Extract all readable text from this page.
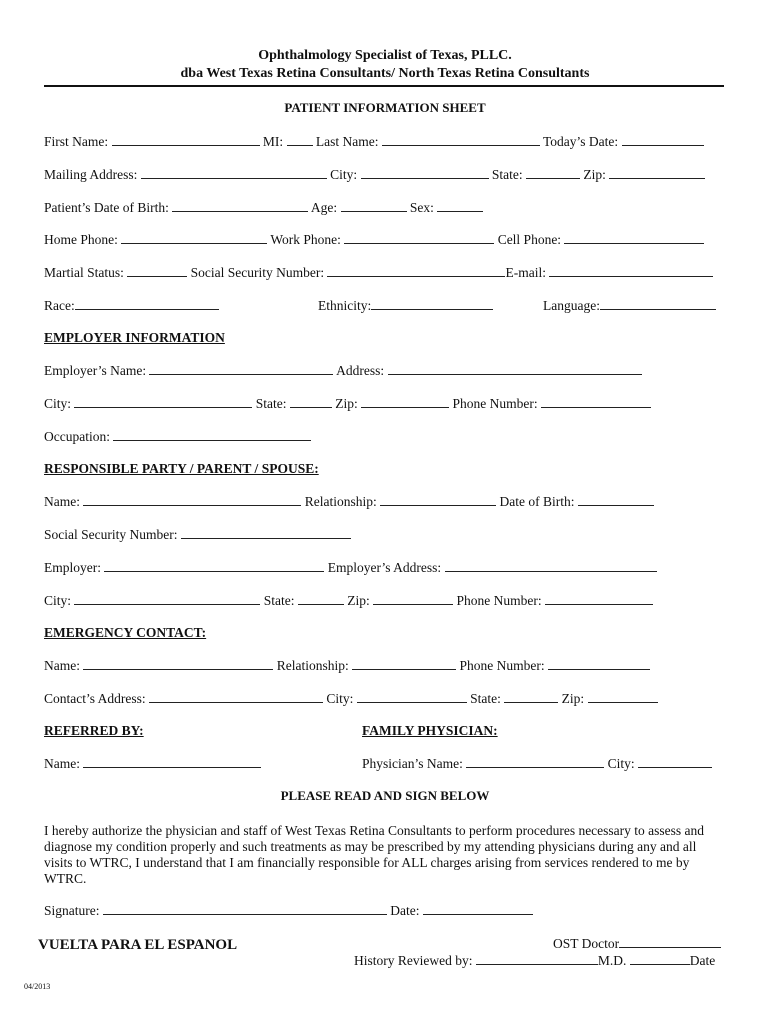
Ophthalmology Specialist of Texas, PLLC.
dba West Texas Retina Consultants/ North Texas Retina Consultants
PATIENT INFORMATION SHEET
First Name:	MI: Last Name:	Today’s Date:
Mailing Address:	City:	State:	Zip:
Patient’s Date of Birth:	Age:	Sex:
Home Phone:	Work Phone:	Cell Phone:
Martial Status:	Social Security Number:	E-mail:
Race:	Ethnicity:	Language:
EMPLOYER INFORMATION
Employer’s Name:	Address:
City:	State:	Zip:	Phone Number:
Occupation:
RESPONSIBLE PARTY / PARENT / SPOUSE:
Name:	Relationship:	Date of Birth:
Social Security Number:
Employer:	Employer’s Address:
City:	State:	Zip:	Phone Number:
EMERGENCY CONTACT:
Name:	Relationship:	Phone Number:
Contact’s Address:	City:	State:	Zip:
REFERRED BY:	FAMILY PHYSICIAN:
Name:	Physician’s Name:	City:
PLEASE READ AND SIGN BELOW
I hereby authorize the physician and staff of West Texas Retina Consultants to perform procedures necessary to assess and diagnose my condition properly and such treatments as may be prescribed by my attending physicians during any and all visits to WTRC, I understand that I am financially responsible for ALL charges arising from services rendered to me by WTRC.
Signature:	Date:
VUELTA PARA EL ESPANOL	OST Doctor
History Reviewed by:	M.D.	Date
04/2013
